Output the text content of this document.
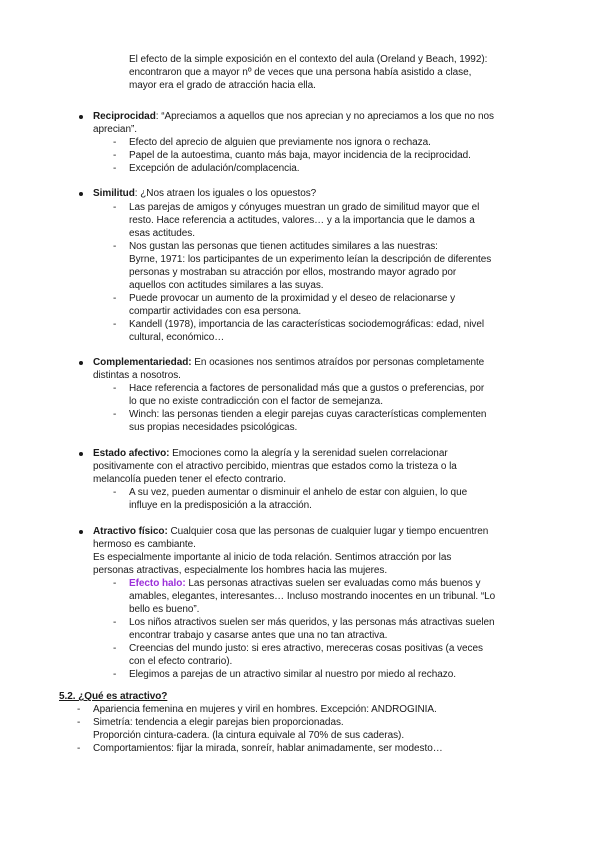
El efecto de la simple exposición en el contexto del aula (Oreland y Beach, 1992):
encontraron que a mayor nº de veces que una persona había asistido a clase,
mayor era el grado de atracción hacia ella.
Reciprocidad: “Apreciamos a aquellos que nos aprecian y no apreciamos a los que no nos
aprecian”.
- Efecto del aprecio de alguien que previamente nos ignora o rechaza.
- Papel de la autoestima, cuanto más baja, mayor incidencia de la reciprocidad.
- Excepción de adulación/complacencia.
Similitud: ¿Nos atraen los iguales o los opuestos?
- Las parejas de amigos y cónyuges muestran un grado de similitud mayor que el
resto. Hace referencia a actitudes, valores… y a la importancia que le damos a
esas actitudes.
- Nos gustan las personas que tienen actitudes similares a las nuestras:
Byrne, 1971: los participantes de un experimento leían la descripción de diferentes
personas y mostraban su atracción por ellos, mostrando mayor agrado por
aquellos con actitudes similares a las suyas.
- Puede provocar un aumento de la proximidad y el deseo de relacionarse y
compartir actividades con esa persona.
- Kandell (1978), importancia de las características sociodemográficas: edad, nivel
cultural, económico…
Complementariedad: En ocasiones nos sentimos atraídos por personas completamente
distintas a nosotros.
- Hace referencia a factores de personalidad más que a gustos o preferencias, por
lo que no existe contradicción con el factor de semejanza.
- Winch: las personas tienden a elegir parejas cuyas características complementen
sus propias necesidades psicológicas.
Estado afectivo: Emociones como la alegría y la serenidad suelen correlacionar
positivamente con el atractivo percibido, mientras que estados como la tristeza o la
melancolía pueden tener el efecto contrario.
- A su vez, pueden aumentar o disminuir el anhelo de estar con alguien, lo que
influye en la predisposición a la atracción.
Atractivo físico: Cualquier cosa que las personas de cualquier lugar y tiempo encuentren
hermoso es cambiante.
Es especialmente importante al inicio de toda relación. Sentimos atracción por las
personas atractivas, especialmente los hombres hacia las mujeres.
- Efecto halo: Las personas atractivas suelen ser evaluadas como más buenos y
amables, elegantes, interesantes… Incluso mostrando inocentes en un tribunal. “Lo
bello es bueno”.
- Los niños atractivos suelen ser más queridos, y las personas más atractivas suelen
encontrar trabajo y casarse antes que una no tan atractiva.
- Creencias del mundo justo: si eres atractivo, mereceras cosas positivas (a veces
con el efecto contrario).
- Elegimos a parejas de un atractivo similar al nuestro por miedo al rechazo.
5.2. ¿Qué es atractivo?
- Apariencia femenina en mujeres y viril en hombres. Excepción: ANDROGINIA.
- Simetría: tendencia a elegir parejas bien proporcionadas.
Proporción cintura-cadera. (la cintura equivale al 70% de sus caderas).
- Comportamientos: fijar la mirada, sonreír, hablar animadamente, ser modesto…
